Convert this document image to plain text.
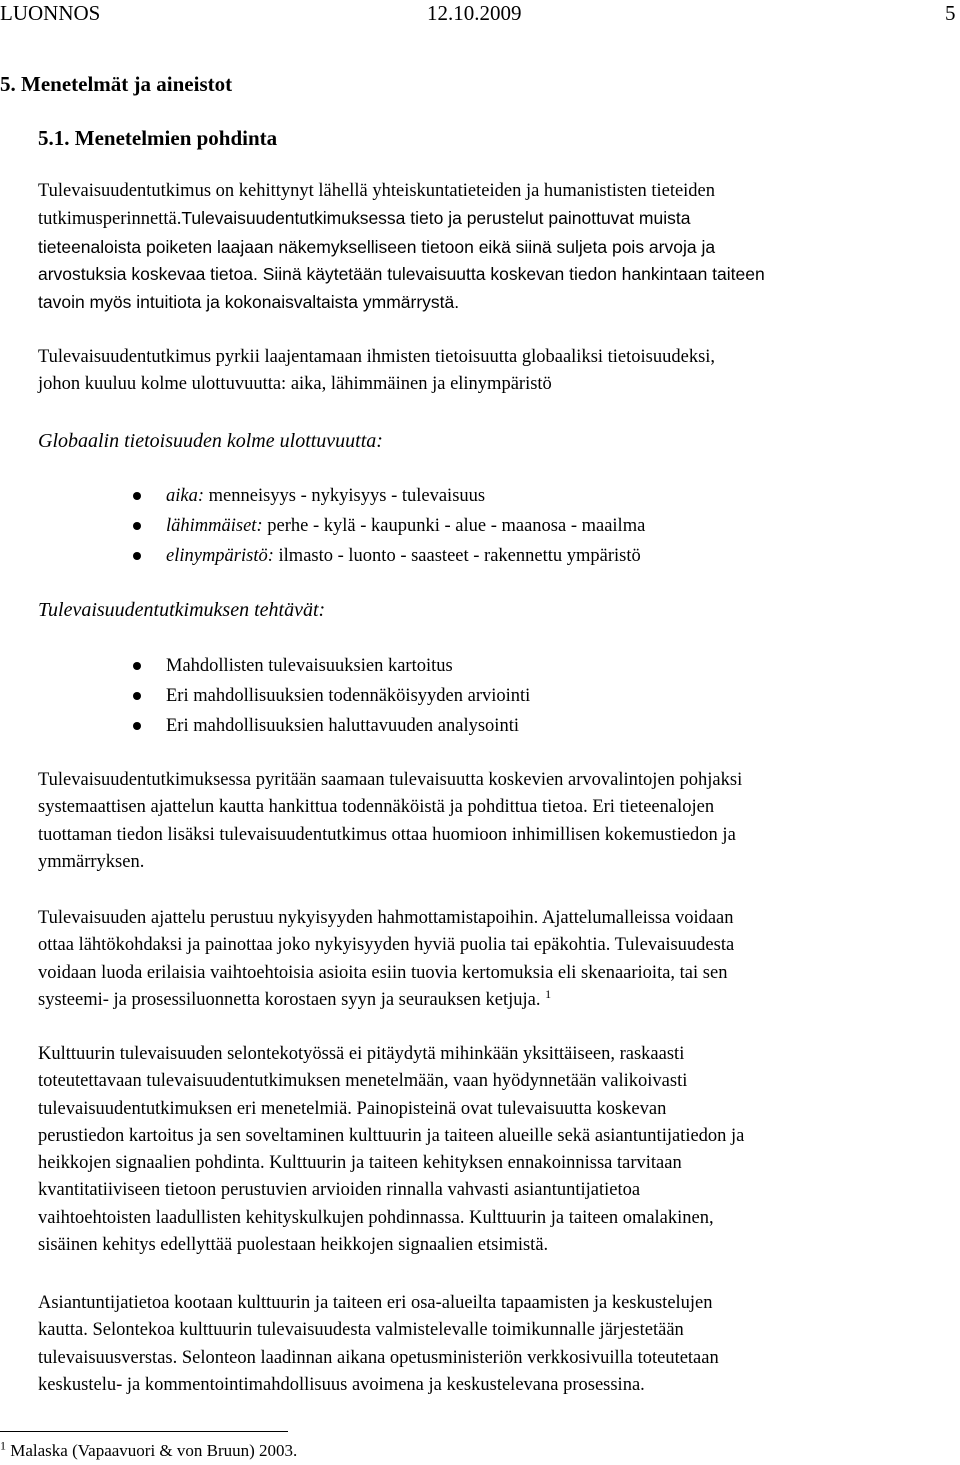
LUONNOS	12.10.2009	5
5. Menetelmät ja aineistot
5.1. Menetelmien pohdinta
Tulevaisuudentutkimus on kehittynyt lähellä yhteiskuntatieteiden ja humanististen tieteiden
tutkimusperinnettä.Tulevaisuudentutkimuksessa tieto ja perustelut painottuvat muista
tieteenaloista poiketen laajaan näkemykselliseen tietoon eikä siinä suljeta pois arvoja ja
arvostuksia koskevaa tietoa. Siinä käytetään tulevaisuutta koskevan tiedon hankintaan taiteen
tavoin myös intuitiota ja kokonaisvaltaista ymmärrystä.
Tulevaisuudentutkimus pyrkii laajentamaan ihmisten tietoisuutta globaaliksi tietoisuudeksi,
johon kuuluu kolme ulottuvuutta: aika, lähimmäinen ja elinympäristö
Globaalin tietoisuuden kolme ulottuvuutta:
aika: menneisyys - nykyisyys - tulevaisuus
lähimmäiset: perhe - kylä - kaupunki - alue - maanosa - maailma
elinympäristö: ilmasto - luonto - saasteet - rakennettu ympäristö
Tulevaisuudentutkimuksen tehtävät:
Mahdollisten tulevaisuuksien kartoitus
Eri mahdollisuuksien todennäköisyyden arviointi
Eri mahdollisuuksien haluttavuuden analysointi
Tulevaisuudentutkimuksessa pyritään saamaan tulevaisuutta koskevien arvovalintojen pohjaksi
systemaattisen ajattelun kautta hankittua todennäköistä ja pohdittua tietoa. Eri tieteenalojen
tuottaman tiedon lisäksi tulevaisuudentutkimus ottaa huomioon inhimillisen kokemustiedon ja
ymmärryksen.
Tulevaisuuden ajattelu perustuu nykyisyyden hahmottamistapoihin. Ajattelumalleissa voidaan
ottaa lähtökohdaksi ja painottaa joko nykyisyyden hyviä puolia tai epäkohtia. Tulevaisuudesta
voidaan luoda erilaisia vaihtoehtoisia asioita esiin tuovia kertomuksia eli skenaarioita, tai sen
systeemi- ja prosessiluonnetta korostaen syyn ja seurauksen ketjuja. $^1$
Kulttuurin tulevaisuuden selontekotyössä ei pitäydytä mihinkään yksittäiseen, raskaasti
toteutettavaan tulevaisuudentutkimuksen menetelmään, vaan hyödynnetään valikoivasti
tulevaisuudentutkimuksen eri menetelmiä. Painopisteinä ovat tulevaisuutta koskevan
perustiedon kartoitus ja sen soveltaminen kulttuurin ja taiteen alueille sekä asiantuntijatiedon ja
heikkojen signaalien pohdinta. Kulttuurin ja taiteen kehityksen ennakoinnissa tarvitaan
kvantitatiiviseen tietoon perustuvien arvioiden rinnalla vahvasti asiantuntijatietoa
vaihtoehtoisten laadullisten kehityskulkujen pohdinnassa. Kulttuurin ja taiteen omalakinen,
sisäinen kehitys edellyttää puolestaan heikkojen signaalien etsimistä.
Asiantuntijatietoa kootaan kulttuurin ja taiteen eri osa-alueilta tapaamisten ja keskustelujen
kautta. Selontekoa kulttuurin tulevaisuudesta valmistelevalle toimikunnalle järjestetään
tulevaisuusverstas. Selonteon laadinnan aikana opetusministeriön verkkosivuilla toteutetaan
keskustelu- ja kommentointimahdollisuus avoimena ja keskustelevana prosessina.
$^1$ Malaska (Vapaavuori & von Bruun) 2003.
